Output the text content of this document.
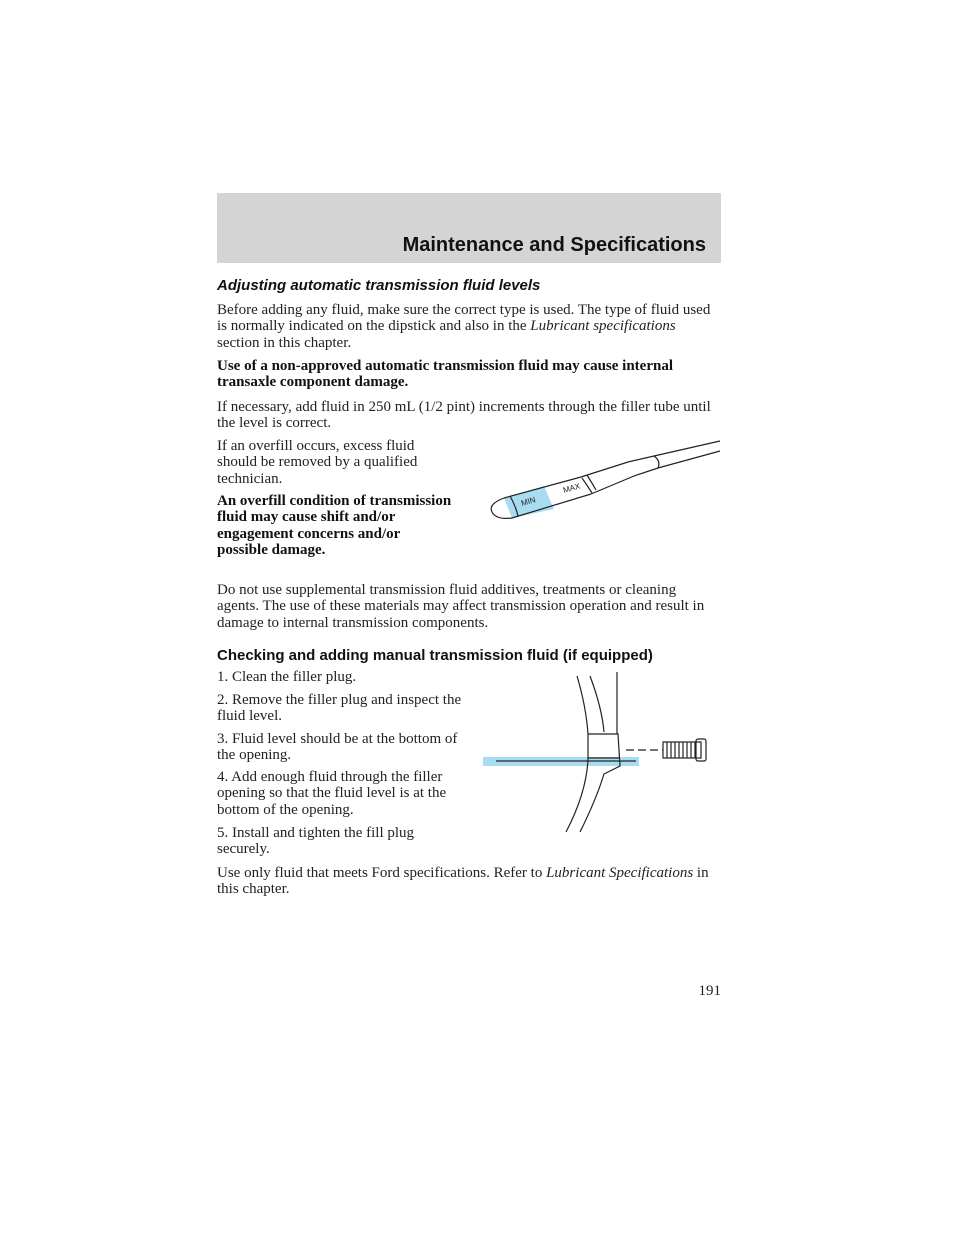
Maintenance and Specifications
Adjusting automatic transmission fluid levels

Before adding any fluid, make sure the correct type is used. The type of fluid used is normally indicated on the dipstick and also in the Lubricant specifications section in this chapter.

Use of a non-approved automatic transmission fluid may cause internal transaxle component damage.

If necessary, add fluid in 250 mL (1/2 pint) increments through the filler tube until the level is correct.

If an overfill occurs, excess fluid should be removed by a qualified technician.

An overfill condition of transmission fluid may cause shift and/or engagement concerns and/or possible damage.

MIN
MAX

Do not use supplemental transmission fluid additives, treatments or cleaning agents. The use of these materials may affect transmission operation and result in damage to internal transmission components.

Checking and adding manual transmission fluid (if equipped)

1. Clean the filler plug.

2. Remove the filler plug and inspect the fluid level.

3. Fluid level should be at the bottom of the opening.

4. Add enough fluid through the filler opening so that the fluid level is at the bottom of the opening.

5. Install and tighten the fill plug securely.

Use only fluid that meets Ford specifications. Refer to Lubricant Specifications in this chapter.

191
